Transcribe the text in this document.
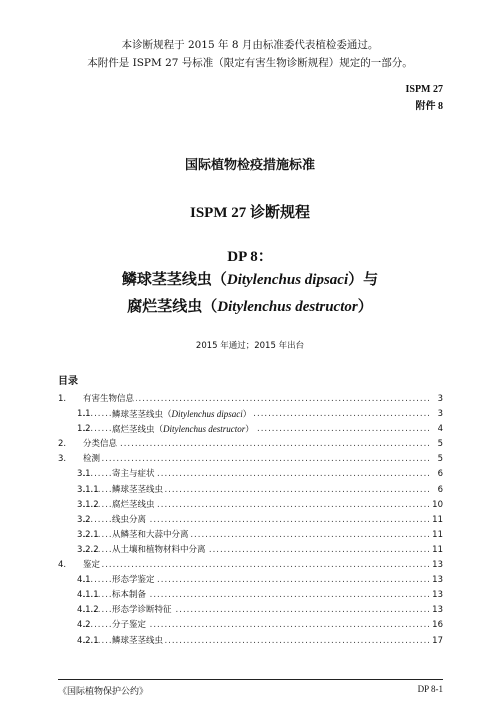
本诊断规程于 2015 年 8 月由标准委代表植检委通过。
本附件是 ISPM 27 号标准（限定有害生物诊断规程）规定的一部分。
ISPM 27
附件 8
国际植物检疫措施标准
ISPM 27 诊断规程
DP 8：
鳞球茎茎线虫（Ditylenchus dipsaci）与
腐烂茎线虫（Ditylenchus destructor）
2015 年通过；2015 年出台
目录
.....
1. 有害生物信息	3
.....
1.1	鳞球茎茎线虫（Ditylenchus dipsaci）	3
.....
1.2	腐烂茎线虫（Ditylenchus destructor）	4
.....
2. 分类信息	5
.....
3. 检测	5
.....
3.1	寄主与症状	6
.....
3.1.1 鳞球茎茎线虫	6
.....
3.1.2 腐烂茎线虫	10
.....
3.2	线虫分离	11
.....
3.2.1 从鳞茎和大蒜中分离	11
.....
3.2.2 从土壤和植物材料中分离	11
.....
4. 鉴定	13
.....
4.1	形态学鉴定	13
.....
4.1.1 标本制备	13
.....
4.1.2 形态学诊断特征	13
.....
4.2	分子鉴定	16
.....
4.2.1 鳞球茎茎线虫	17
《国际植物保护公约》	DP 8-1
